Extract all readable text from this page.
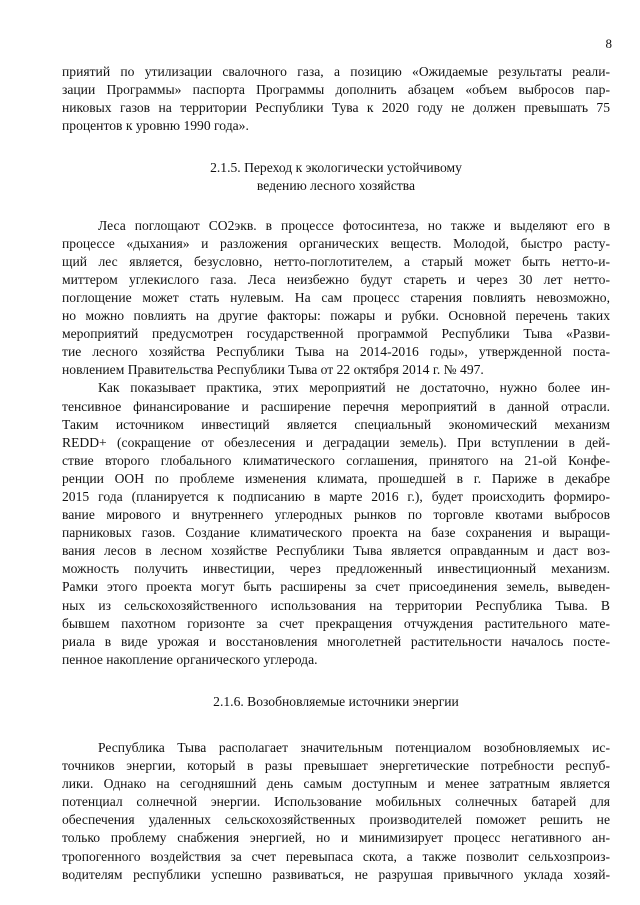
8
приятий по утилизации свалочного газа, а позицию «Ожидаемые результаты реали-
зации Программы» паспорта Программы дополнить абзацем «объем выбросов пар-
никовых газов на территории Республики Тува к 2020 году не должен превышать 75
процентов к уровню 1990 года».
2.1.5. Переход к экологически устойчивому
ведению лесного хозяйства
Леса поглощают СО2экв. в процессе фотосинтеза, но также и выделяют его в
процессе «дыхания» и разложения органических веществ. Молодой, быстро расту-
щий лес является, безусловно, нетто-поглотителем, а старый может быть нетто-и-
миттером углекислого газа. Леса неизбежно будут стареть и через 30 лет нетто-
поглощение может стать нулевым. На сам процесс старения повлиять невозможно,
но можно повлиять на другие факторы: пожары и рубки. Основной перечень таких
мероприятий предусмотрен государственной программой Республики Тыва «Разви-
тие лесного хозяйства Республики Тыва на 2014-2016 годы», утвержденной поста-
новлением Правительства Республики Тыва от 22 октября 2014 г. № 497.
Как показывает практика, этих мероприятий не достаточно, нужно более ин-
тенсивное финансирование и расширение перечня мероприятий в данной отрасли.
Таким источником инвестиций является специальный экономический механизм
REDD+ (сокращение от обезлесения и деградации земель). При вступлении в дей-
ствие второго глобального климатического соглашения, принятого на 21-ой Конфе-
ренции ООН по проблеме изменения климата, прошедшей в г. Париже в декабре
2015 года (планируется к подписанию в марте 2016 г.), будет происходить формиро-
вание мирового и внутреннего углеродных рынков по торговле квотами выбросов
парниковых газов. Создание климатического проекта на базе сохранения и выращи-
вания лесов в лесном хозяйстве Республики Тыва является оправданным и даст воз-
можность получить инвестиции, через предложенный инвестиционный механизм.
Рамки этого проекта могут быть расширены за счет присоединения земель, выведен-
ных из сельскохозяйственного использования на территории Республика Тыва. В
бывшем пахотном горизонте за счет прекращения отчуждения растительного мате-
риала в виде урожая и восстановления многолетней растительности началось посте-
пенное накопление органического углерода.
2.1.6. Возобновляемые источники энергии
Республика Тыва располагает значительным потенциалом возобновляемых ис-
точников энергии, который в разы превышает энергетические потребности респуб-
лики. Однако на сегодняшний день самым доступным и менее затратным является
потенциал солнечной энергии. Использование мобильных солнечных батарей для
обеспечения удаленных сельскохозяйственных производителей поможет решить не
только проблему снабжения энергией, но и минимизирует процесс негативного ан-
тропогенного воздействия за счет перевыпаса скота, а также позволит сельхозпроиз-
водителям республики успешно развиваться, не разрушая привычного уклада хозяй-
